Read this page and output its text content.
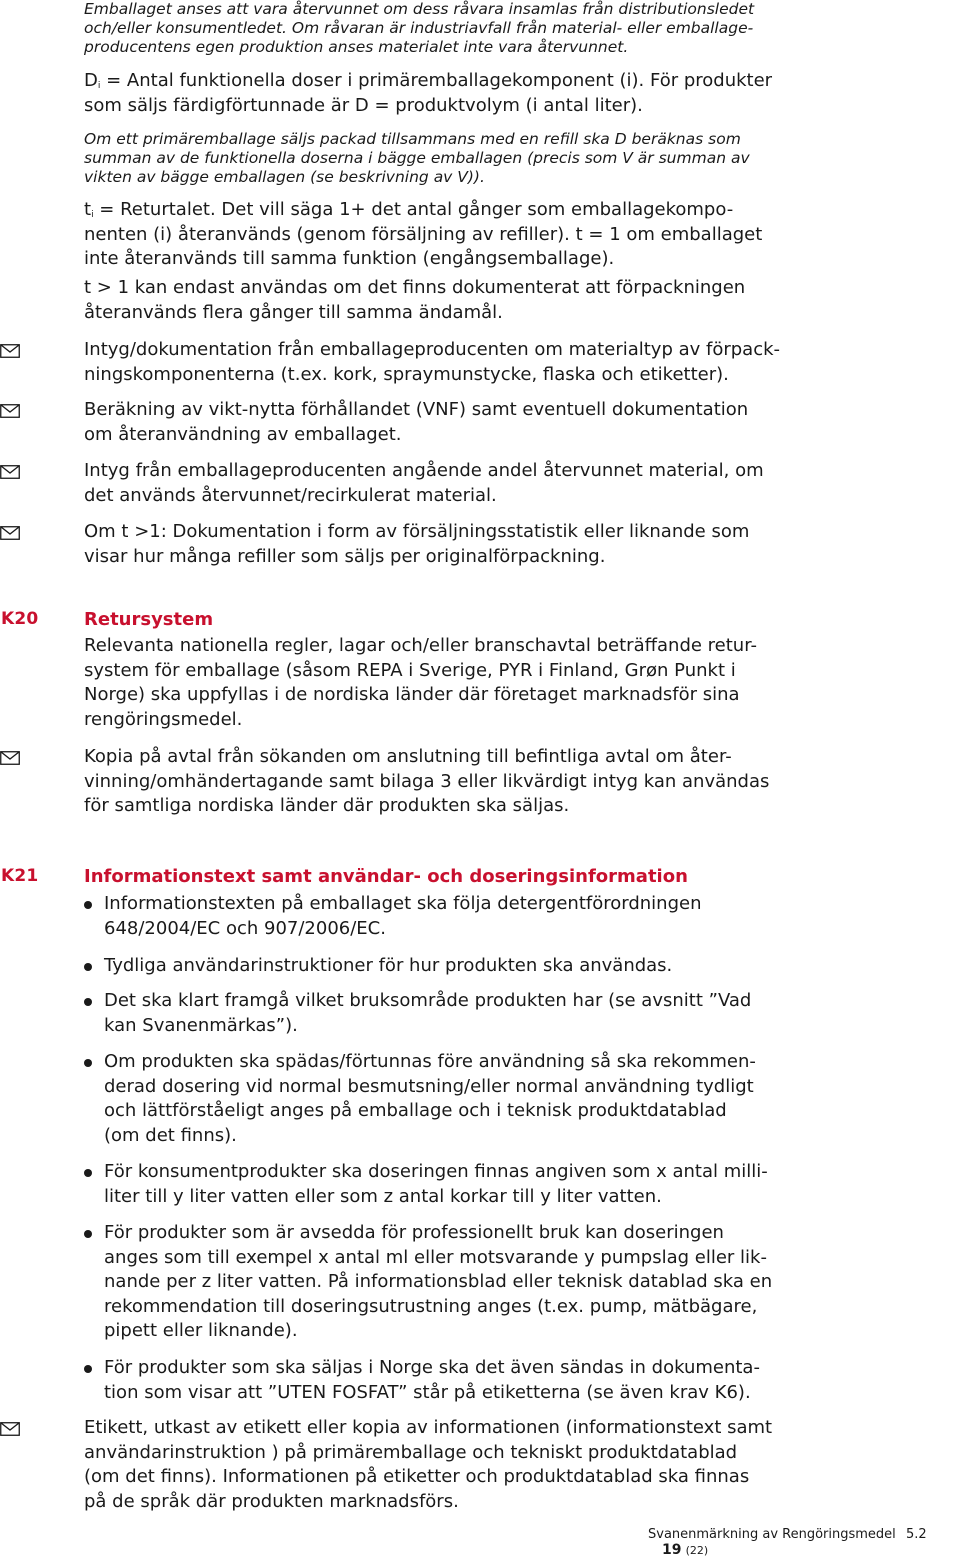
Emballaget anses att vara återvunnet om dess råvara insamlas från distributionsledet
och/eller konsumentledet. Om råvaran är industriavfall från material- eller emballage-
producentens egen produktion anses materialet inte vara återvunnet.
$D_i$ = Antal funktionella doser i primäremballagekomponent (i). För produkter
som säljs färdigförtunnade är D = produktvolym (i antal liter).
Om ett primäremballage säljs packad tillsammans med en refill ska D beräknas som
summan av de funktionella doserna i bägge emballagen (precis som V är summan av
vikten av bägge emballagen (se beskrivning av V)).
$t_i$ = Returtalet. Det vill säga 1+ det antal gånger som emballagekompo-
nenten (i) återanvänds (genom försäljning av refiller). t = 1 om emballaget
inte återanvänds till samma funktion (engångsemballage).
t > 1 kan endast användas om det finns dokumenterat att förpackningen
återanvänds flera gånger till samma ändamål.
Intyg/dokumentation från emballageproducenten om materialtyp av förpack-
ningskomponenterna (t.ex. kork, spraymunstycke, flaska och etiketter).
Beräkning av vikt-nytta förhållandet (VNF) samt eventuell dokumentation
om återanvändning av emballaget.
Intyg från emballageproducenten angående andel återvunnet material, om
det används återvunnet/recirkulerat material.
Om t >1: Dokumentation i form av försäljningsstatistik eller liknande som
visar hur många refiller som säljs per originalförpackning.
K20	Retursystem
Relevanta nationella regler, lagar och/eller branschavtal beträffande retur-
system för emballage (såsom REPA i Sverige, PYR i Finland, Grøn Punkt i
Norge) ska uppfyllas i de nordiska länder där företaget marknadsför sina
rengöringsmedel.
Kopia på avtal från sökanden om anslutning till befintliga avtal om åter-
vinning/omhändertagande samt bilaga 3 eller likvärdigt intyg kan användas
för samtliga nordiska länder där produkten ska säljas.
K21	Informationstext samt användar- och doseringsinformation
Informationstexten på emballaget ska följa detergentförordningen
648/2004/EC och 907/2006/EC.
Tydliga användarinstruktioner för hur produkten ska användas.
Det ska klart framgå vilket bruksområde produkten har (se avsnitt ”Vad
kan Svanenmärkas”).
Om produkten ska spädas/förtunnas före användning så ska rekommen-
derad dosering vid normal besmutsning/eller normal användning tydligt
och lättförståeligt anges på emballage och i teknisk produktdatablad
(om det finns).
För konsumentprodukter ska doseringen finnas angiven som x antal milli-
liter till y liter vatten eller som z antal korkar till y liter vatten.
För produkter som är avsedda för professionellt bruk kan doseringen
anges som till exempel x antal ml eller motsvarande y pumpslag eller lik-
nande per z liter vatten. På informationsblad eller teknisk datablad ska en
rekommendation till doseringsutrustning anges (t.ex. pump, mätbägare,
pipett eller liknande).
För produkter som ska säljas i Norge ska det även sändas in dokumenta-
tion som visar att ”UTEN FOSFAT” står på etiketterna (se även krav K6).
Etikett, utkast av etikett eller kopia av informationen (informationstext samt
användarinstruktion ) på primäremballage och tekniskt produktdatablad
(om det finns). Informationen på etiketter och produktdatablad ska finnas
på de språk där produkten marknadsförs.
Svanenmärkning av Rengöringsmedel 5.2 19 (22)
